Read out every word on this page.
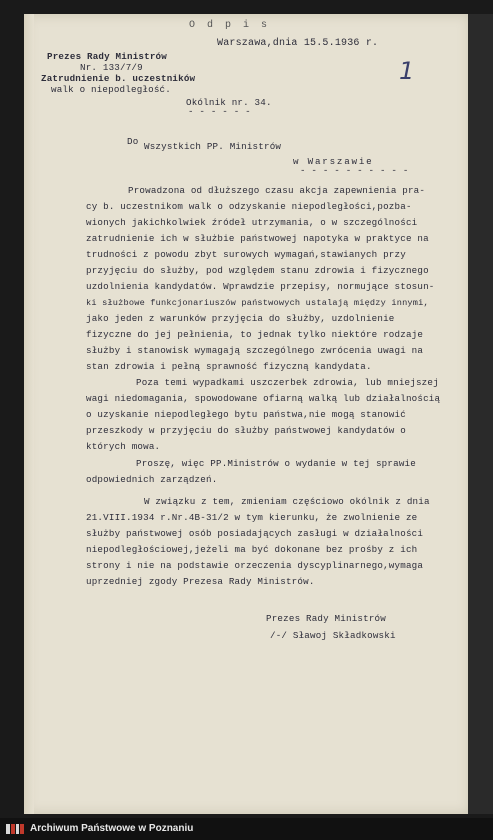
O d p i s
Warszawa,dnia 15.5.1936 r.
1
Prezes Rady Ministrów
Nr. 133/7/9
Zatrudnienie b. uczestników
walk o niepodległość.
Okólnik nr. 34.
- - - - - -
Do Wszystkich PP. Ministrów
w Warszawie
- - - - - - - - - -
Prowadzona od dłuższego czasu akcja zapewnienia pra-
cy b. uczestnikom walk o odzyskanie niepodległości,pozba-
wionych jakichkolwiek źródeł utrzymania, o w szczególności
zatrudnienie ich w służbie państwowej napotyka w praktyce na
trudności z powodu zbyt surowych wymagań,stawianych przy
przyjęciu do służby, pod względem stanu zdrowia i fizycznego
uzdolnienia kandydatów. Wprawdzie przepisy, normujące stosun-
ki służbowe funkcjonariuszów państwowych ustalają między innymi,
jako jeden z warunków przyjęcia do służby, uzdolnienie
fizyczne do jej pełnienia, to jednak tylko niektóre rodzaje
służby i stanowisk wymagają szczególnego zwrócenia uwagi na
stan zdrowia i pełną sprawność fizyczną kandydata.
Poza temi wypadkami uszczerbek zdrowia, lub mniejszej
wagi niedomagania, spowodowane ofiarną walką lub działalnością
o uzyskanie niepodległego bytu państwa,nie mogą stanowić
przeszkody w przyjęciu do służby państwowej kandydatów o
których mowa.
Proszę, więc PP.Ministrów o wydanie w tej sprawie
odpowiednich zarządzeń.
W związku z tem, zmieniam częściowo okólnik z dnia
21.VIII.1934 r.Nr.4B-31/2 w tym kierunku, że zwolnienie ze
służby państwowej osób posiadających zasługi w działalności
niepodległościowej,jeżeli ma być dokonane bez prośby z ich
strony i nie na podstawie orzeczenia dyscyplinarnego,wymaga
uprzedniej zgody Prezesa Rady Ministrów.
Prezes Rady Ministrów
/-/ Sławoj Składkowski
Archiwum Państwowe w Poznaniu
